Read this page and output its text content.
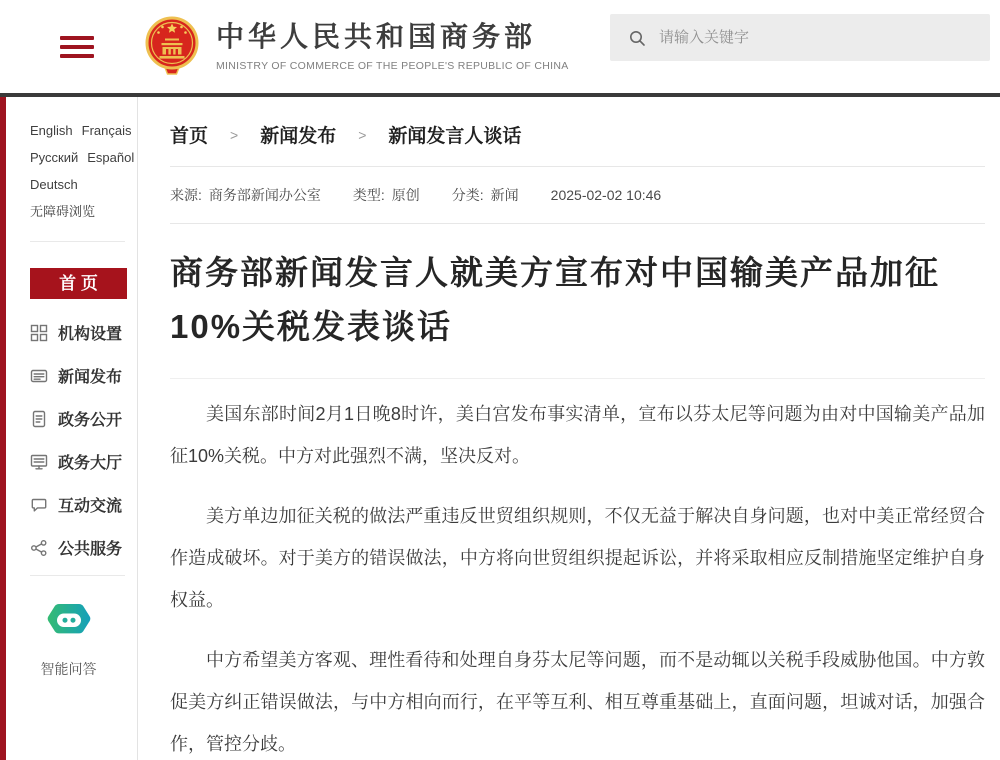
中华人民共和国商务部
MINISTRY OF COMMERCE OF THE PEOPLE'S REPUBLIC OF CHINA
请输入关键字
English Français
Русский Español
Deutsch
无障碍浏览
首 页
机构设置
新闻发布
政务公开
政务大厅
互动交流
公共服务
智能问答
首页 > 新闻发布 > 新闻发言人谈话
来源: 商务部新闻办公室 类型: 原创 分类: 新闻 2025-02-02 10:46
商务部新闻发言人就美方宣布对中国输美产品加征10%关税发表谈话

美国东部时间2月1日晚8时许，美白宫发布事实清单，宣布以芬太尼等问题为由对中国输美产品加征10%关税。中方对此强烈不满，坚决反对。

美方单边加征关税的做法严重违反世贸组织规则，不仅无益于解决自身问题，也对中美正常经贸合作造成破坏。对于美方的错误做法，中方将向世贸组织提起诉讼，并将采取相应反制措施坚定维护自身权益。

中方希望美方客观、理性看待和处理自身芬太尼等问题，而不是动辄以关税手段威胁他国。中方敦促美方纠正错误做法，与中方相向而行，在平等互利、相互尊重基础上，直面问题，坦诚对话，加强合作，管控分歧。
